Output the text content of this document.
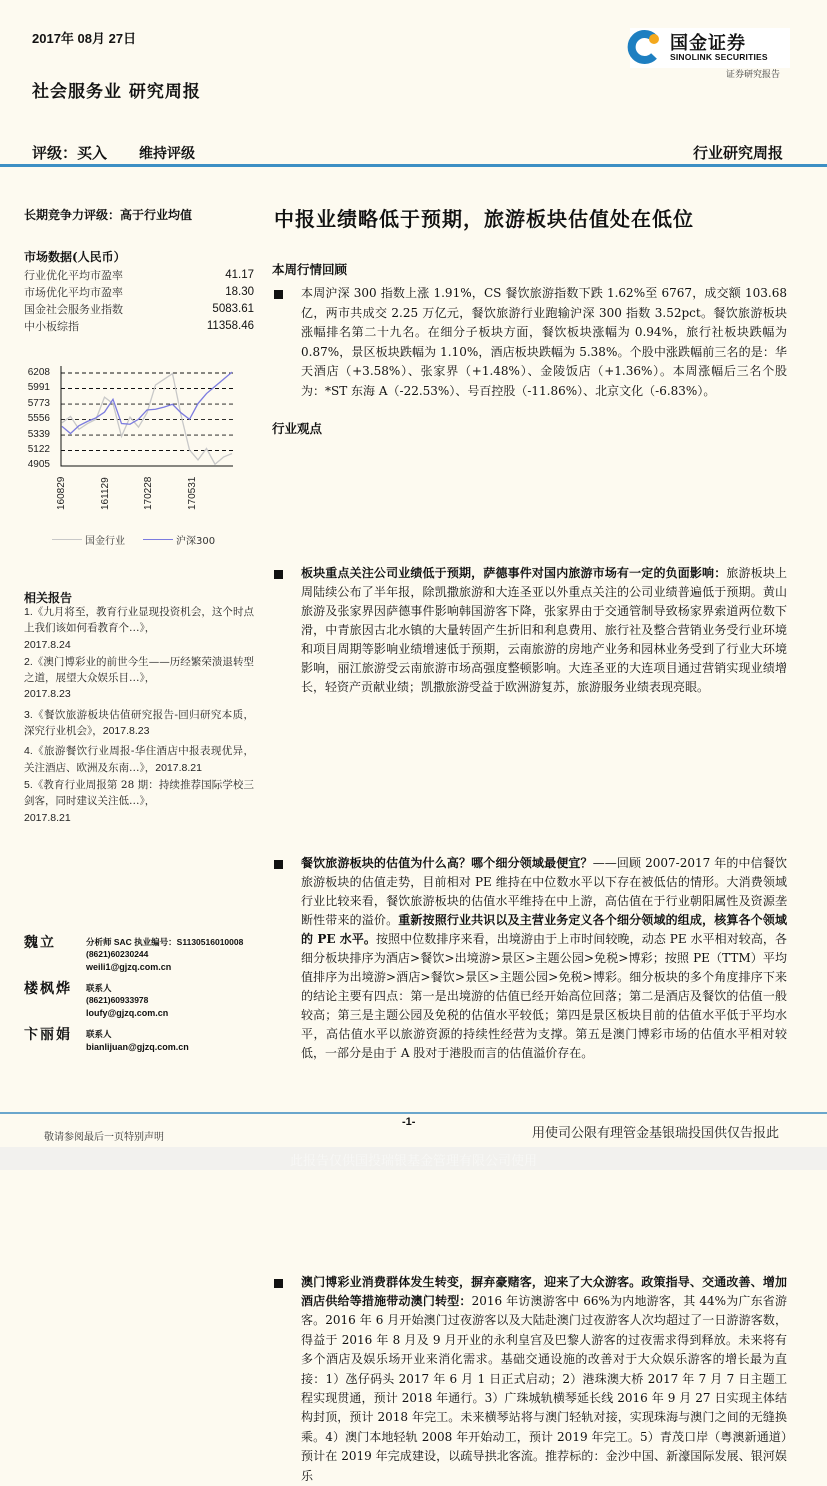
2017年 08月 27日
社会服务业 研究周报
评级：买入 维持评级	行业研究周报
国金证券
SINOLINK SECURITIES
证券研究报告
长期竞争力评级：高于行业均值
市场数据(人民币）
行业优化平均市盈率	41.17
市场优化平均市盈率	18.30
国金社会服务业指数	5083.61
中小板综指	11358.46
6208
5991
5773
5556
5339
5122
4905
160829	161129	170228	170531
国金行业	沪深300
相关报告
1.《九月将至，教育行业显现投资机会，这个时点上我们该如何看教育个…》，
2017.8.24
2.《澳门博彩业的前世今生——历经繁荣溃退转型之道，展望大众娱乐目…》，
2017.8.23
3.《餐饮旅游板块估值研究报告-回归研究本质，深究行业机会》，2017.8.23
4.《旅游餐饮行业周报-华住酒店中报表现优异，关注酒店、欧洲及东南…》，2017.8.21
5.《教育行业周报第 28 期：持续推荐国际学校三剑客，同时建议关注低…》，
2017.8.21
魏立	分析师 SAC 执业编号：S1130516010008
(8621)60230244
weili1@gjzq.com.cn
楼枫烨 联系人
(8621)60933978
loufy@gjzq.com.cn
卞丽娟 联系人
bianlijuan@gjzq.com.cn
中报业绩略低于预期，旅游板块估值处在低位
本周行情回顾
本周沪深 300 指数上涨 1.91%，CS 餐饮旅游指数下跌 1.62%至 6767，成交额 103.68 亿，两市共成交 2.25 万亿元，餐饮旅游行业跑输沪深 300 指数 3.52pct。餐饮旅游板块涨幅排名第二十九名。在细分子板块方面，餐饮板块涨幅为 0.94%，旅行社板块跌幅为 0.87%，景区板块跌幅为 1.10%，酒店板块跌幅为 5.38%。个股中涨跌幅前三名的是：华天酒店（+3.58%）、张家界（+1.48%）、金陵饭店（+1.36%）。本周涨幅后三名个股为：*ST 东海 A（-22.53%）、号百控股（-11.86%）、北京文化（-6.83%）。
行业观点
板块重点关注公司业绩低于预期，萨德事件对国内旅游市场有一定的负面影响：旅游板块上周陆续公布了半年报，除凯撒旅游和大连圣亚以外重点关注的公司业绩普遍低于预期。黄山旅游及张家界因萨德事件影响韩国游客下降，张家界由于交通管制导致杨家界索道两位数下滑，中青旅因古北水镇的大量转固产生折旧和利息费用、旅行社及整合营销业务受行业环境和项目周期等影响业绩增速低于预期，云南旅游的房地产业务和园林业务受到了行业大环境影响，丽江旅游受云南旅游市场高强度整顿影响。大连圣亚的大连项目通过营销实现业绩增长，轻资产贡献业绩；凯撒旅游受益于欧洲游复苏，旅游服务业绩表现亮眼。
餐饮旅游板块的估值为什么高？哪个细分领域最便宜？——回顾 2007-2017 年的中信餐饮旅游板块的估值走势，目前相对 PE 维持在中位数水平以下存在被低估的情形。大消费领域行业比较来看，餐饮旅游板块的估值水平维持在中上游，高估值在于行业朝阳属性及资源垄断性带来的溢价。重新按照行业共识以及主营业务定义各个细分领域的组成，核算各个领域的 PE 水平。按照中位数排序来看，出境游由于上市时间较晚，动态 PE 水平相对较高，各细分板块排序为酒店>餐饮>出境游>景区>主题公园>免税>博彩；按照 PE（TTM）平均值排序为出境游>酒店>餐饮>景区>主题公园>免税>博彩。细分板块的多个角度排序下来的结论主要有四点：第一是出境游的估值已经开始高位回落；第二是酒店及餐饮的估值一般较高；第三是主题公园及免税的估值水平较低；第四是景区板块目前的估值水平低于平均水平，高估值水平以旅游资源的持续性经营为支撑。第五是澳门博彩市场的估值水平相对较低，一部分是由于 A 股对于港股而言的估值溢价存在。
澳门博彩业消费群体发生转变，摒弃豪赌客，迎来了大众游客。政策指导、交通改善、增加酒店供给等措施带动澳门转型：2016 年访澳游客中 66%为内地游客，其 44%为广东省游客。2016 年 6 月开始澳门过夜游客以及大陆赴澳门过夜游客人次均超过了一日游游客数，得益于 2016 年 8 月及 9 月开业的永利皇宫及巴黎人游客的过夜需求得到释放。未来将有多个酒店及娱乐场开业来消化需求。基础交通设施的改善对于大众娱乐游客的增长最为直接：1）氹仔码头 2017 年 6 月 1 日正式启动；2）港珠澳大桥 2017 年 7 月 7 日主题工程实现贯通，预计 2018 年通行。3）广珠城轨横琴延长线 2016 年 9 月 27 日实现主体结构封顶，预计 2018 年完工。未来横琴站将与澳门轻轨对接，实现珠海与澳门之间的无缝换乘。4）澳门本地轻轨 2008 年开始动工，预计 2019 年完工。5）青茂口岸（粤澳新通道）预计在 2019 年完成建设，以疏导拱北客流。推荐标的：金沙中国、新濠国际发展、银河娱乐
-1-
敬请参阅最后一页特别声明	用使司公限有理管金基银瑞投国供仅告报此
此报告仅供国投瑞银基金管理有限公司使用
